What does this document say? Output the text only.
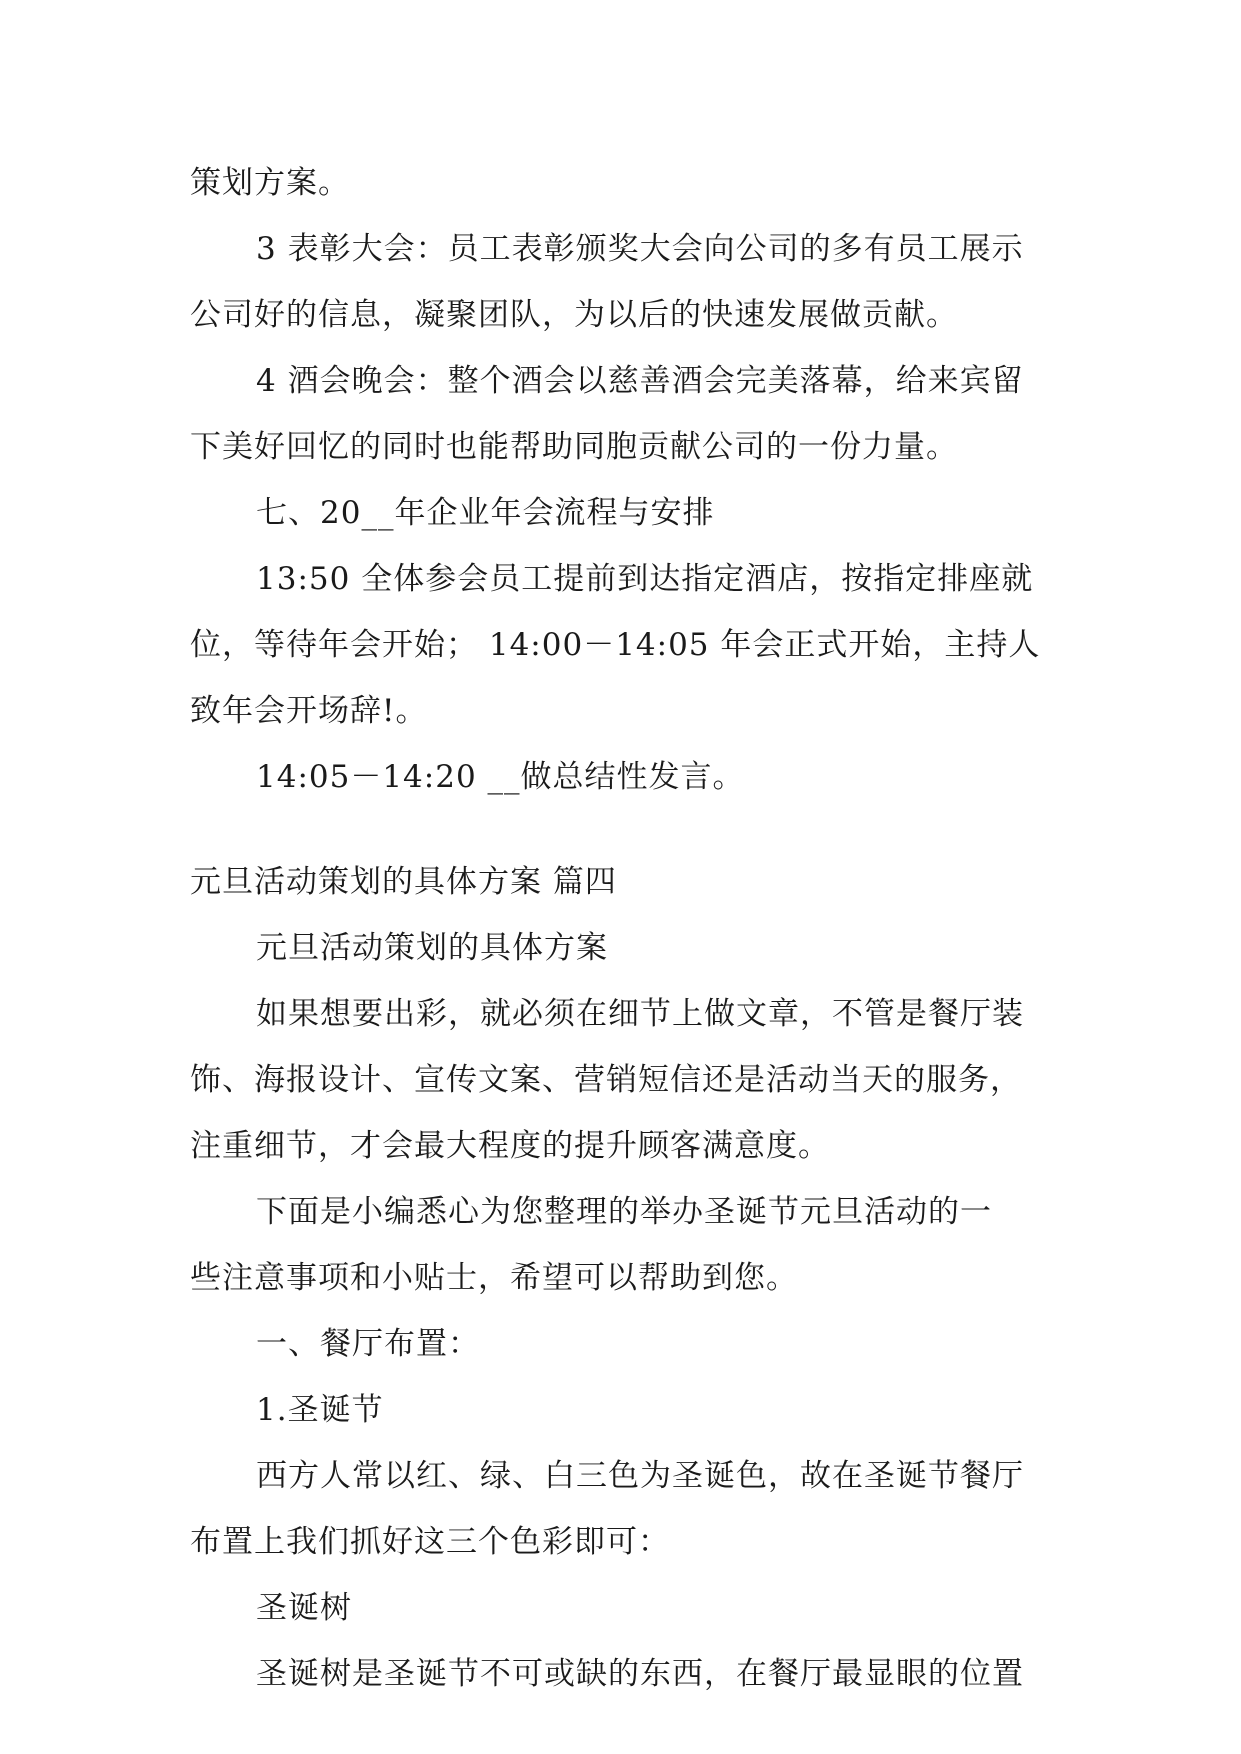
策划方案。
3 表彰大会：员工表彰颁奖大会向公司的多有员工展示
公司好的信息，凝聚团队，为以后的快速发展做贡献。
4 酒会晚会：整个酒会以慈善酒会完美落幕，给来宾留
下美好回忆的同时也能帮助同胞贡献公司的一份力量。
七、20__年企业年会流程与安排
13:50 全体参会员工提前到达指定酒店，按指定排座就
位，等待年会开始； 14:00－14:05 年会正式开始，主持人
致年会开场辞!。
14:05－14:20 __做总结性发言。
元旦活动策划的具体方案 篇四
元旦活动策划的具体方案
如果想要出彩，就必须在细节上做文章，不管是餐厅装
饰、海报设计、宣传文案、营销短信还是活动当天的服务，
注重细节，才会最大程度的提升顾客满意度。
下面是小编悉心为您整理的举办圣诞节元旦活动的一
些注意事项和小贴士，希望可以帮助到您。
一、餐厅布置：
1.圣诞节
西方人常以红、绿、白三色为圣诞色，故在圣诞节餐厅
布置上我们抓好这三个色彩即可：
圣诞树
圣诞树是圣诞节不可或缺的东西，在餐厅最显眼的位置
